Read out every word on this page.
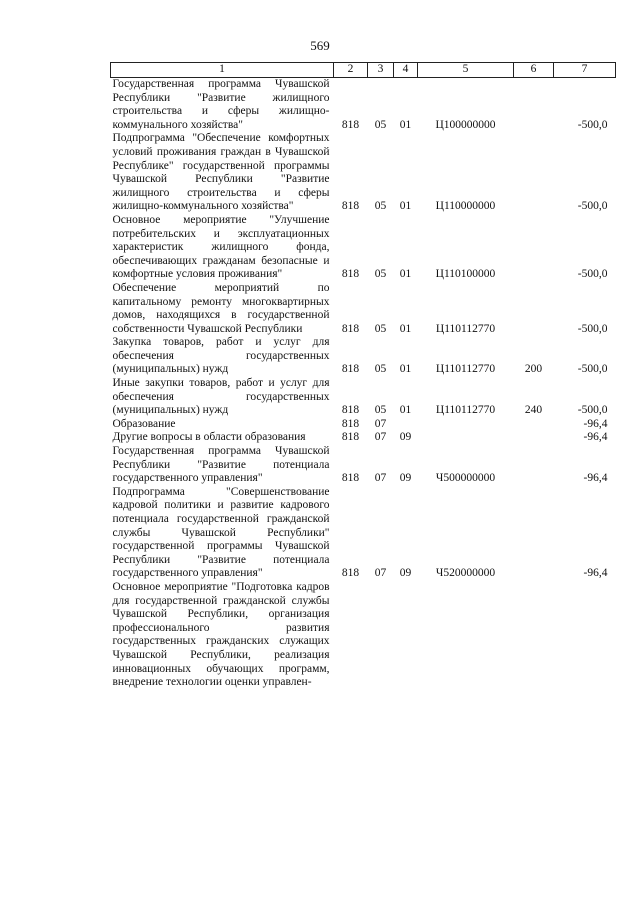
569
1	2	3	4	5	6	7
Государственная программа Чувашской Республики "Развитие жилищного строительства и сферы жилищно-коммунального хозяйства"	818	05	01	Ц100000000		-500,0
Подпрограмма "Обеспечение комфортных условий проживания граждан в Чувашской Республике" государственной программы Чувашской Республики "Развитие жилищного строительства и сферы жилищно-коммунального хозяйства"	818	05	01	Ц110000000		-500,0
Основное мероприятие "Улучшение потребительских и эксплуатационных характеристик жилищного фонда, обеспечивающих гражданам безопасные и комфортные условия проживания"	818	05	01	Ц110100000		-500,0
Обеспечение мероприятий по капитальному ремонту многоквартирных домов, находящихся в государственной собственности Чувашской Республики	818	05	01	Ц110112770		-500,0
Закупка товаров, работ и услуг для обеспечения государственных (муниципальных) нужд	818	05	01	Ц110112770	200	-500,0
Иные закупки товаров, работ и услуг для обеспечения государственных (муниципальных) нужд	818	05	01	Ц110112770	240	-500,0
Образование	818	07				-96,4
Другие вопросы в области образования	818	07	09			-96,4
Государственная программа Чувашской Республики "Развитие потенциала государственного управления"	818	07	09	Ч500000000		-96,4
Подпрограмма "Совершенствование кадровой политики и развитие кадрового потенциала государственной гражданской службы Чувашской Республики" государственной программы Чувашской Республики "Развитие потенциала государственного управления"	818	07	09	Ч520000000		-96,4
Основное мероприятие "Подготовка кадров для государственной гражданской службы Чувашской Республики, организация профессионального развития государственных гражданских служащих Чувашской Республики, реализация инновационных обучающих программ, внедрение технологии оценки управлен-						
